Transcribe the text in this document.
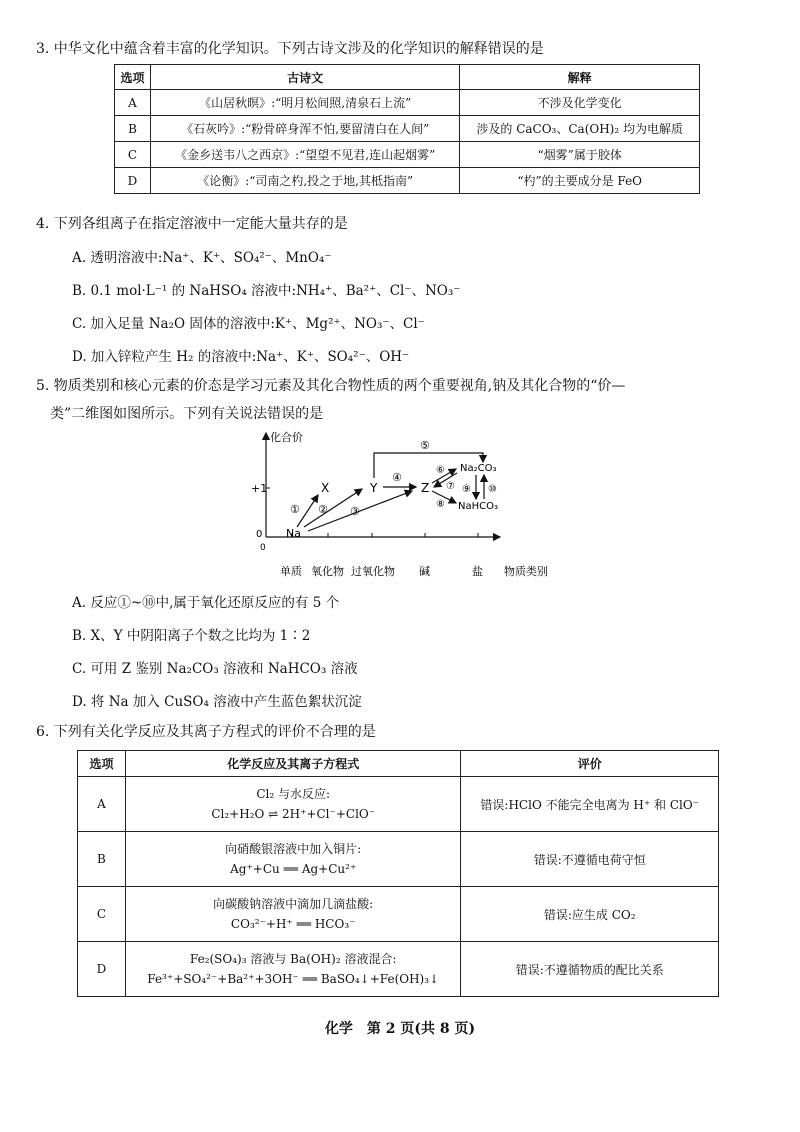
3. 中华文化中蕴含着丰富的化学知识。下列古诗文涉及的化学知识的解释错误的是
选项	古诗文	解释
A	《山居秋暝》:“明月松间照,清泉石上流”	不涉及化学变化
B	《石灰吟》:“粉骨碎身浑不怕,要留清白在人间”	涉及的 CaCO₃、Ca(OH)₂ 均为电解质
C	《金乡送韦八之西京》:“望望不见君,连山起烟雾”	“烟雾”属于胶体
D	《论衡》:“司南之杓,投之于地,其柢指南”	“杓”的主要成分是 FeO
4. 下列各组离子在指定溶液中一定能大量共存的是
A. 透明溶液中:Na⁺、K⁺、SO₄²⁻、MnO₄⁻
B. 0.1 mol·L⁻¹ 的 NaHSO₄ 溶液中:NH₄⁺、Ba²⁺、Cl⁻、NO₃⁻
C. 加入足量 Na₂O 固体的溶液中:K⁺、Mg²⁺、NO₃⁻、Cl⁻
D. 加入锌粒产生 H₂ 的溶液中:Na⁺、K⁺、SO₄²⁻、OH⁻
5. 物质类别和核心元素的价态是学习元素及其化合物性质的两个重要视角,钠及其化合物的“价—
类”二维图如图所示。下列有关说法错误的是
化合价
+1
0
0
单质 氧化物 过氧化物 碱	盐 物质类别
Na
X	Y	Z
Na₂CO₃
NaHCO₃
① ② ③
④
⑤
⑥
⑦
⑧
⑨ ⑩
A. 反应①~⑩中,属于氧化还原反应的有 5 个
B. X、Y 中阴阳离子个数之比均为 1∶2
C. 可用 Z 鉴别 Na₂CO₃ 溶液和 NaHCO₃ 溶液
D. 将 Na 加入 CuSO₄ 溶液中产生蓝色絮状沉淀
6. 下列有关化学反应及其离子方程式的评价不合理的是
选项	化学反应及其离子方程式	评价
A	Cl₂ 与水反应:
Cl₂+H₂O ⇌ 2H⁺+Cl⁻+ClO⁻	错误:HClO 不能完全电离为 H⁺ 和 ClO⁻
B	向硝酸银溶液中加入铜片:
Ag⁺+Cu ══ Ag+Cu²⁺	错误:不遵循电荷守恒
C	向碳酸钠溶液中滴加几滴盐酸:
CO₃²⁻+H⁺ ══ HCO₃⁻	错误:应生成 CO₂
D	Fe₂(SO₄)₃ 溶液与 Ba(OH)₂ 溶液混合:
Fe³⁺+SO₄²⁻+Ba²⁺+3OH⁻ ══ BaSO₄↓+Fe(OH)₃↓	错误:不遵循物质的配比关系
化学　第 2 页(共 8 页)
